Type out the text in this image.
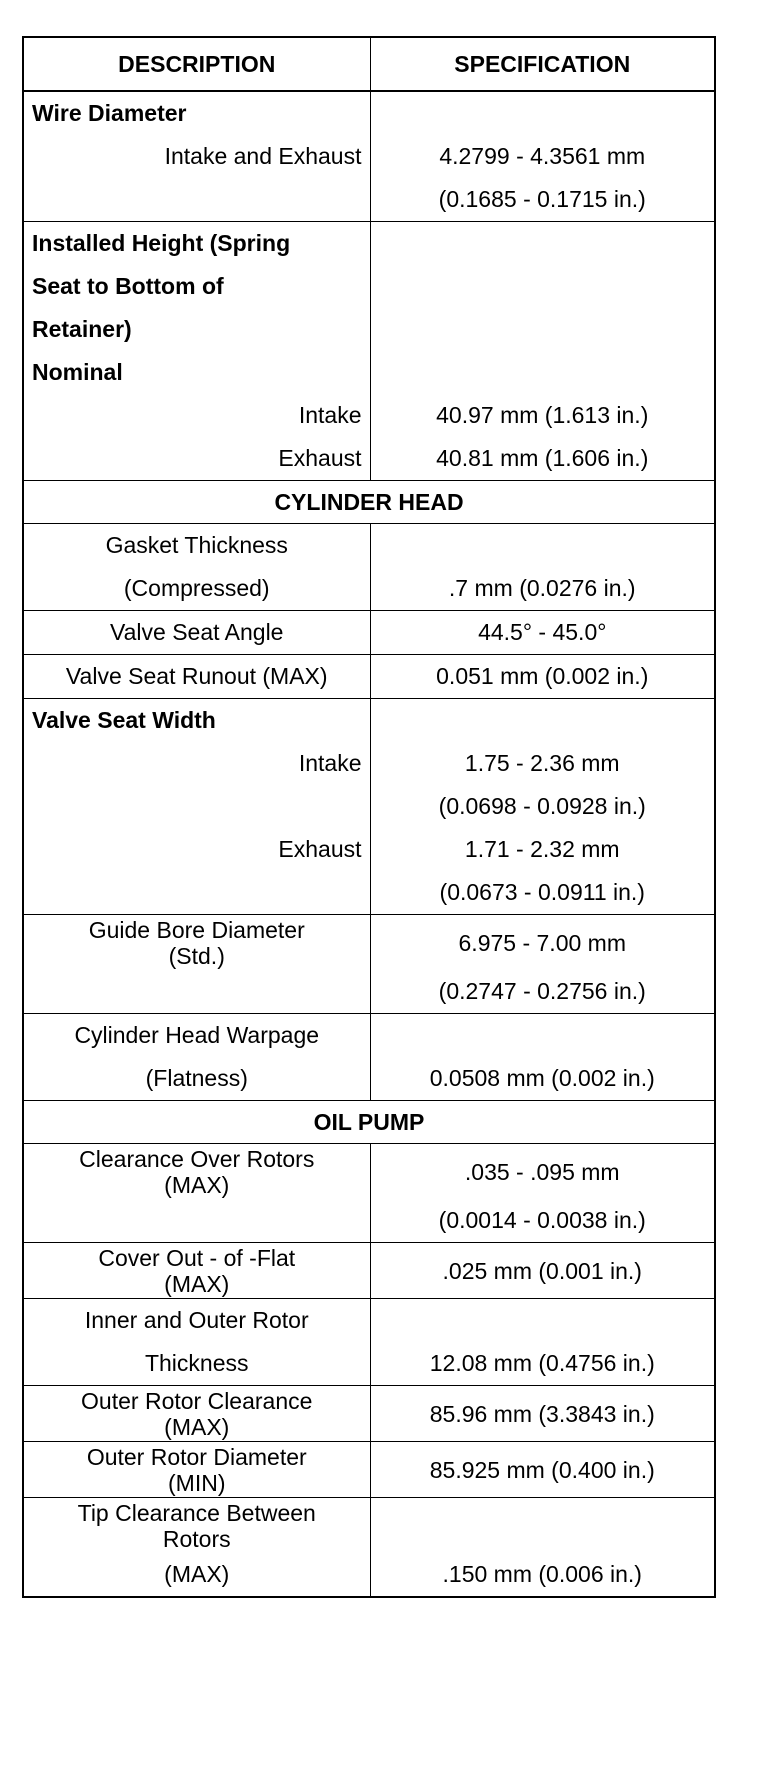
DESCRIPTION	SPECIFICATION
Wire Diameter	
Intake and Exhaust	4.2799 - 4.3561 mm
	(0.1685 - 0.1715 in.)
Installed Height (Spring	
Seat to Bottom of	
Retainer)	
Nominal	
Intake	40.97 mm (1.613 in.)
Exhaust	40.81 mm (1.606 in.)
CYLINDER HEAD	
Gasket Thickness	
(Compressed)	.7 mm (0.0276 in.)
Valve Seat Angle	44.5° - 45.0°
Valve Seat Runout (MAX)	0.051 mm (0.002 in.)
Valve Seat Width	
Intake	1.75 - 2.36 mm
	(0.0698 - 0.0928 in.)
Exhaust	1.71 - 2.32 mm
	(0.0673 - 0.0911 in.)
Guide Bore Diameter
(Std.)	6.975 - 7.00 mm
	(0.2747 - 0.2756 in.)
Cylinder Head Warpage	
(Flatness)	0.0508 mm (0.002 in.)
OIL PUMP	
Clearance Over Rotors
(MAX)	.035 - .095 mm
	(0.0014 - 0.0038 in.)
Cover Out - of -Flat
(MAX)	.025 mm (0.001 in.)
Inner and Outer Rotor	
Thickness	12.08 mm (0.4756 in.)
Outer Rotor Clearance
(MAX)	85.96 mm (3.3843 in.)
Outer Rotor Diameter
(MIN)	85.925 mm (0.400 in.)
Tip Clearance Between
Rotors	
(MAX)	.150 mm (0.006 in.)
